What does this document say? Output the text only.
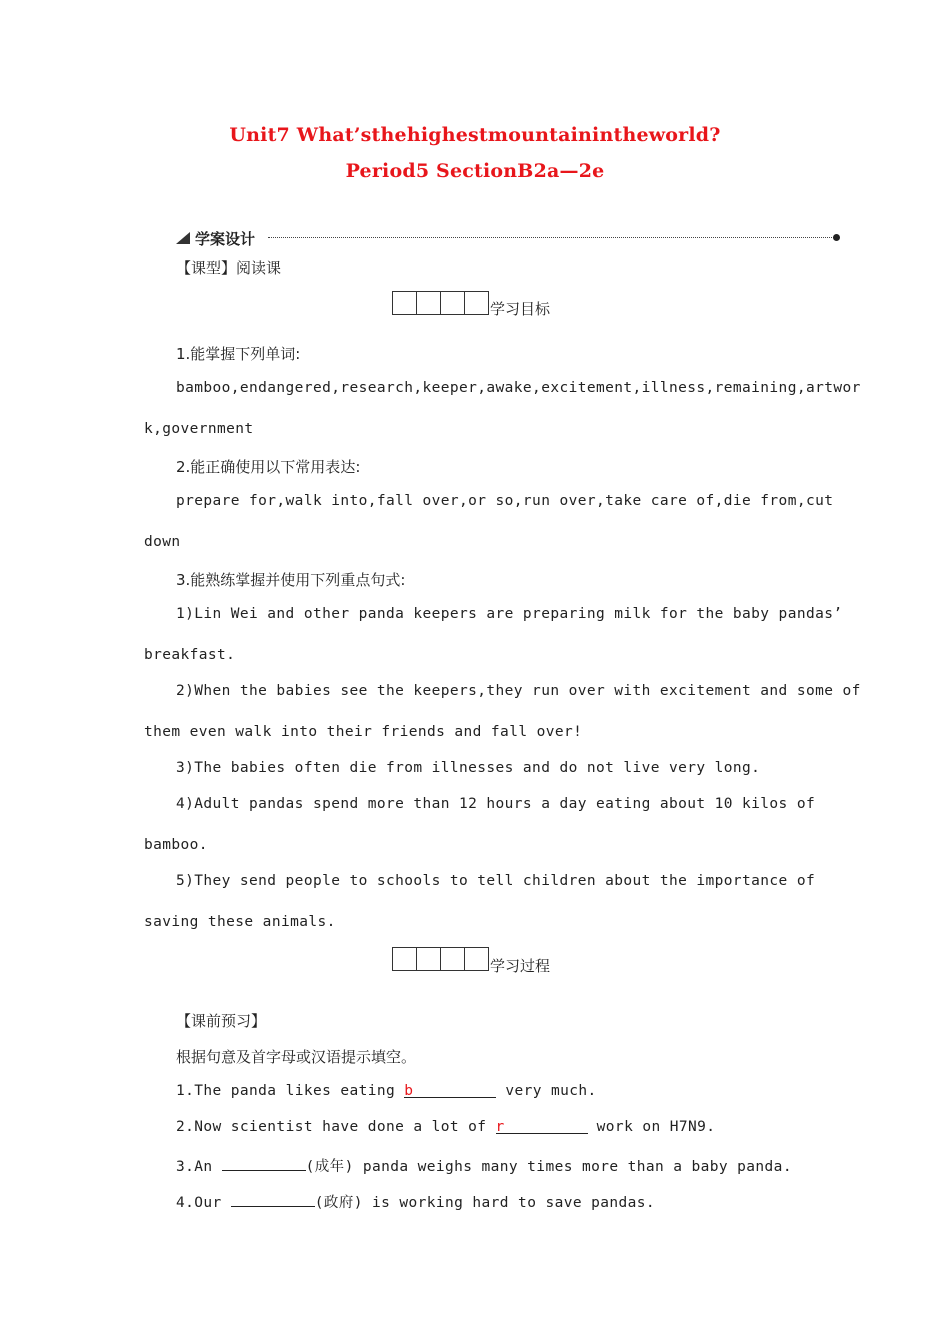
Unit7 What’sthehighestmountainintheworld?
Period5 SectionB2a—2e
学案设计
【课型】阅读课
学习目标
1.能掌握下列单词:
bamboo,endangered,research,keeper,awake,excitement,illness,remaining,artwor
k,government
2.能正确使用以下常用表达:
prepare for,walk into,fall over,or so,run over,take care of,die from,cut
down
3.能熟练掌握并使用下列重点句式:
1)Lin Wei and other panda keepers are preparing milk for the baby pandas’
breakfast.
2)When the babies see the keepers,they run over with excitement and some of
them even walk into their friends and fall over!
3)The babies often die from illnesses and do not live very long.
4)Adult pandas spend more than 12 hours a day eating about 10 kilos of
bamboo.
5)They send people to schools to tell children about the importance of
saving these animals.
学习过程
【课前预习】
根据句意及首字母或汉语提示填空。
1.The panda likes eating b	very much.
2.Now scientist have done a lot of r	work on H7N9.
3.An	(成年) panda weighs many times more than a baby panda.
4.Our	(政府) is working hard to save pandas.
